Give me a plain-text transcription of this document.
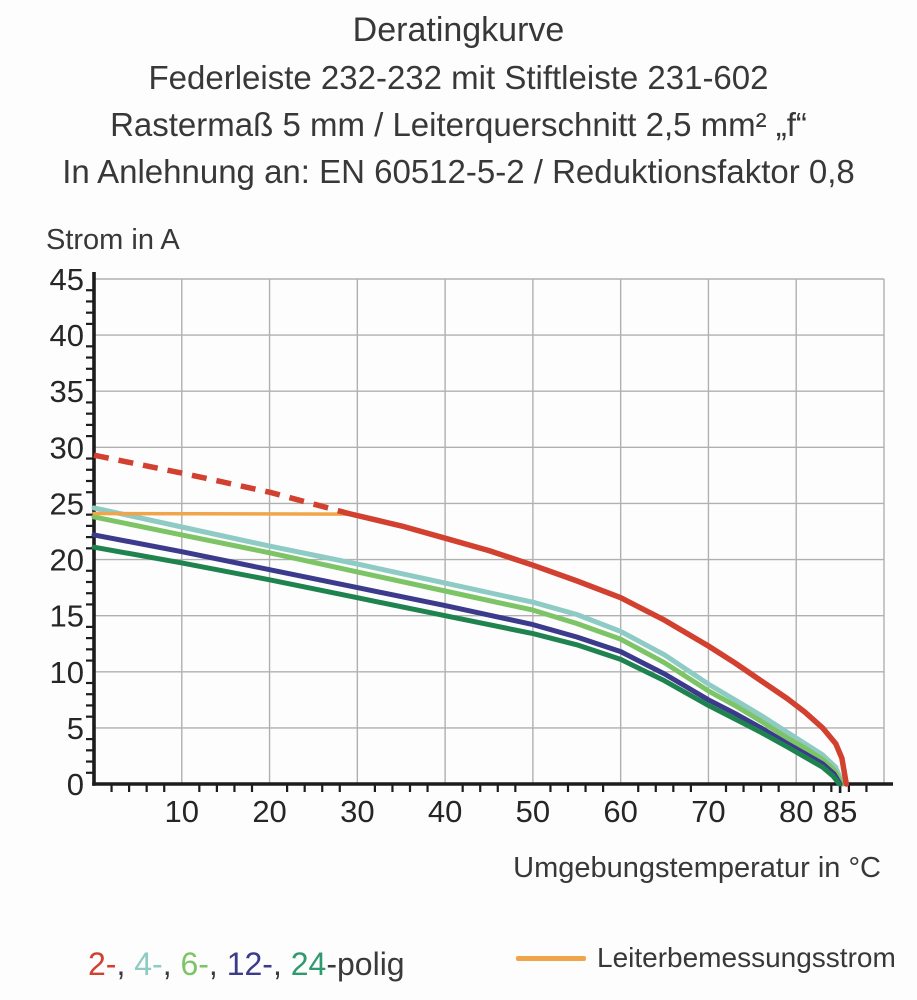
Deratingkurve
Federleiste 232-232 mit Stiftleiste 231-602
Rastermaß 5 mm / Leiterquerschnitt 2,5 mm² „f“
In Anlehnung an: EN 60512-5-2 / Reduktionsfaktor 0,8
Strom in A
0
5
10
15
20
25
30
35
40
45
10 20 30 40 50 60 70 80 85
Umgebungstemperatur in °C
2-, 4-, 6-, 12-, 24-polig	Leiterbemessungsstrom
